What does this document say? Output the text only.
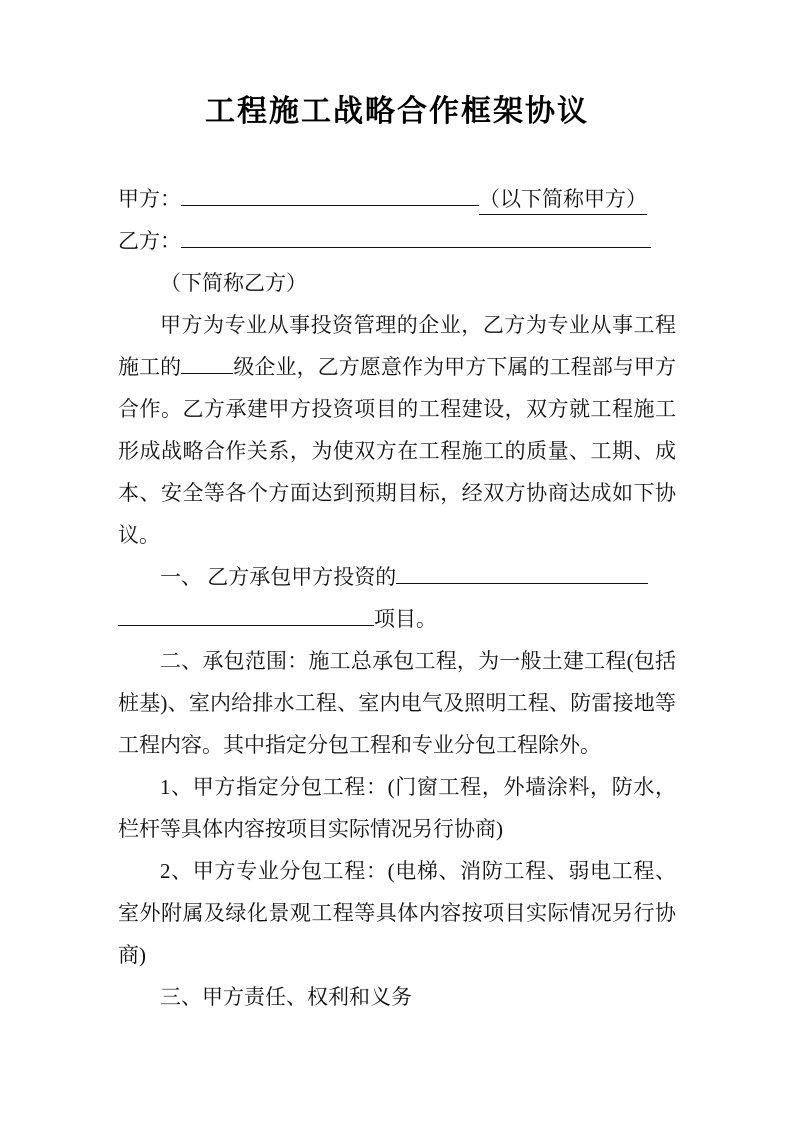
工程施工战略合作框架协议
甲方：	（以下简称甲方）
乙方：

（下简称乙方）

甲方为专业从事投资管理的企业，乙方为专业从事工程施工的 级企业，乙方愿意作为甲方下属的工程部与甲方合作。乙方承建甲方投资项目的工程建设，双方就工程施工形成战略合作关系，为使双方在工程施工的质量、工期、成本、安全等各个方面达到预期目标，经双方协商达成如下协议。

一、 乙方承包甲方投资的
项目。

二、承包范围：施工总承包工程，为一般土建工程(包括桩基)、室内给排水工程、室内电气及照明工程、防雷接地等工程内容。其中指定分包工程和专业分包工程除外。

1、甲方指定分包工程：(门窗工程，外墙涂料，防水，栏杆等具体内容按项目实际情况另行协商)

2、甲方专业分包工程：(电梯、消防工程、弱电工程、室外附属及绿化景观工程等具体内容按项目实际情况另行协商)

三、甲方责任、权利和义务
